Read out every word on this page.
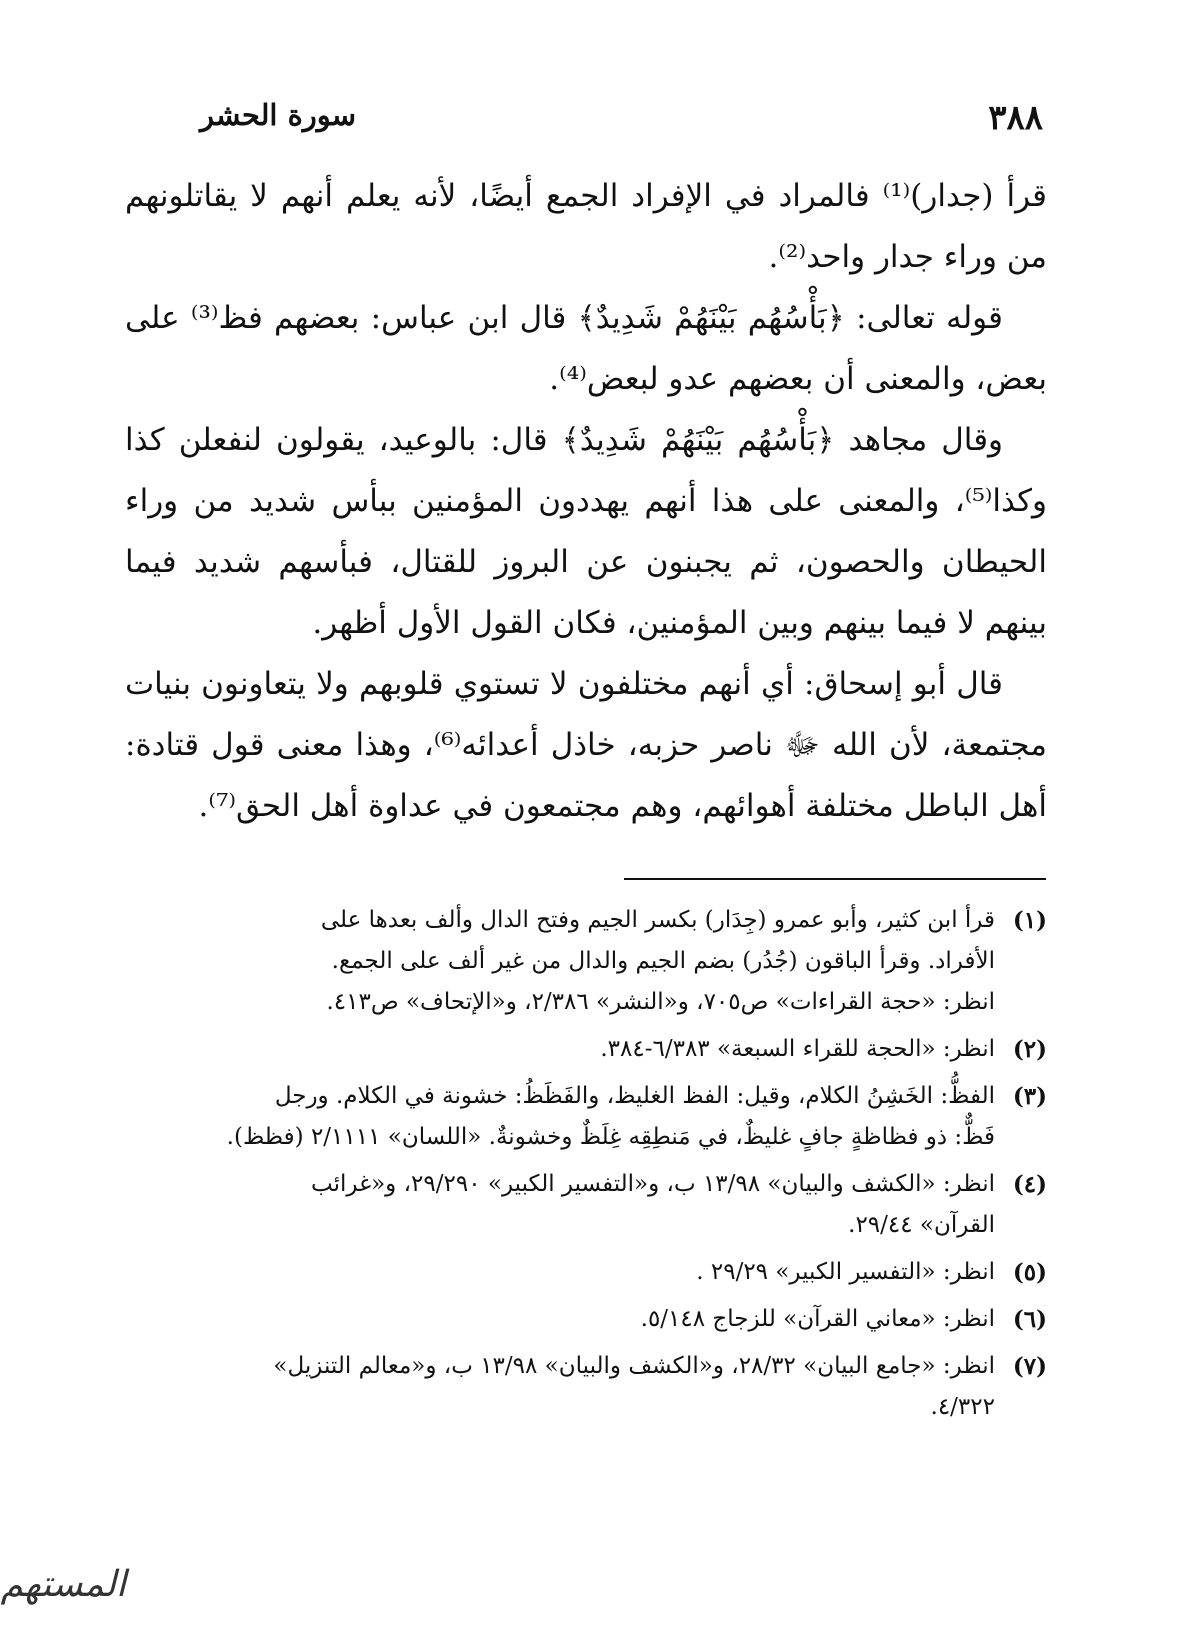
٣٨٨
سورة الحشر

قرأ (جدار)⁽¹⁾ فالمراد في الإفراد الجمع أيضًا، لأنه يعلم أنهم لا يقاتلونهم من وراء جدار واحد⁽²⁾.

قوله تعالى: ﴿بَأْسُهُم بَيْنَهُمْ شَدِيدٌ﴾ قال ابن عباس: بعضهم فظ⁽³⁾ على بعض، والمعنى أن بعضهم عدو لبعض⁽⁴⁾.

وقال مجاهد ﴿بَأْسُهُم بَيْنَهُمْ شَدِيدٌ﴾ قال: بالوعيد، يقولون لنفعلن كذا وكذا⁽⁵⁾، والمعنى على هذا أنهم يهددون المؤمنين ببأس شديد من وراء الحيطان والحصون، ثم يجبنون عن البروز للقتال، فبأسهم شديد فيما بينهم لا فيما بينهم وبين المؤمنين، فكان القول الأول أظهر.

قال أبو إسحاق: أي أنهم مختلفون لا تستوي قلوبهم ولا يتعاونون بنيات مجتمعة، لأن الله ﷻ ناصر حزبه، خاذل أعدائه⁽⁶⁾، وهذا معنى قول قتادة: أهل الباطل مختلفة أهوائهم، وهم مجتمعون في عداوة أهل الحق⁽⁷⁾.

(١)
قرأ ابن كثير، وأبو عمرو (جِدَار) بكسر الجيم وفتح الدال وألف بعدها على
الأفراد. وقرأ الباقون (جُدُر) بضم الجيم والدال من غير ألف على الجمع.
انظر: «حجة القراءات» ص٧٠٥، و«النشر» ٢/٣٨٦، و«الإتحاف» ص٤١٣.
(٢)
انظر: «الحجة للقراء السبعة» ٦/٣٨٣-٣٨٤.
(٣)
الفظُّ: الخَشِنُ الكلام، وقيل: الفظ الغليظ، والفَظَظُ: خشونة في الكلام. ورجل
فَظٌّ: ذو فظاظةٍ جافٍ غليظٌ، في مَنطِقِه غِلَظٌ وخشونةٌ. «اللسان» ٢/١١١١ (فظظ).
(٤)
انظر: «الكشف والبيان» ١٣/٩٨ ب، و«التفسير الكبير» ٢٩/٢٩٠، و«غرائب
القرآن» ٢٩/٤٤.
(٥)
انظر: «التفسير الكبير» ٢٩/٢٩ .
(٦)
انظر: «معاني القرآن» للزجاج ٥/١٤٨.
(٧)
انظر: «جامع البيان» ٢٨/٣٢، و«الكشف والبيان» ١٣/٩٨ ب، و«معالم التنزيل»
٤/٣٢٢.
المستهم
